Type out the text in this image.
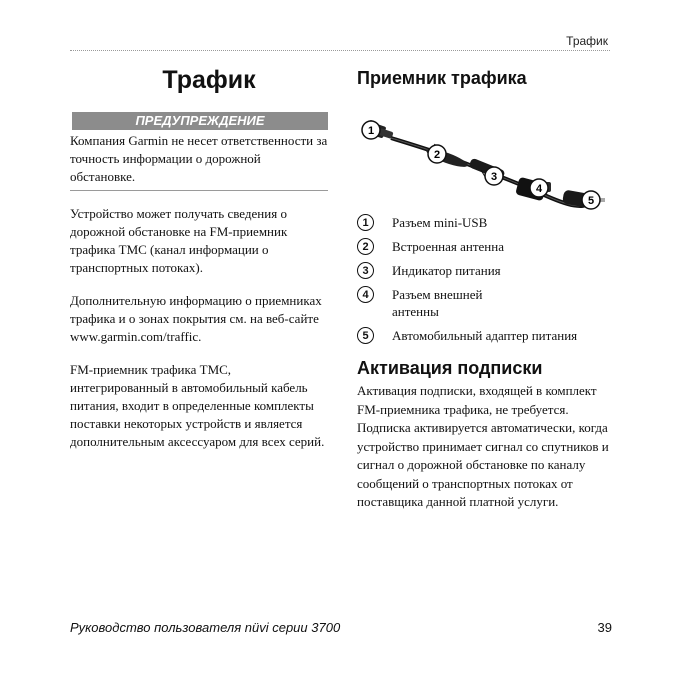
Трафик
Трафик
ПРЕДУПРЕЖДЕНИЕ

Компания Garmin не несет ответственности за точность информации о дорожной обстановке.

Устройство может получать сведения о дорожной обстановке на FM-приемник трафика TMC (канал информации о транспортных потоках).

Дополнительную информацию о приемниках трафика и о зонах покрытия см. на веб-сайте www.garmin.com/traffic.

FM-приемник трафика TMC, интегрированный в автомобильный кабель питания, входит в определенные комплекты поставки некоторых устройств и является дополнительным аксессуаром для всех серий.

Приемник трафика
1
2
3
4
5
1	Разъем mini-USB
2	Встроенная антенна
3	Индикатор питания
4	Разъем внешней антенны
5	Автомобильный адаптер питания
Активация подписки

Активация подписки, входящей в комплект FM-приемника трафика, не требуется. Подписка активируется автоматически, когда устройство принимает сигнал со спутников и сигнал о дорожной обстановке по каналу сообщений о транспортных потоках от поставщика данной платной услуги.

Руководство пользователя nüvi серии 3700	39
